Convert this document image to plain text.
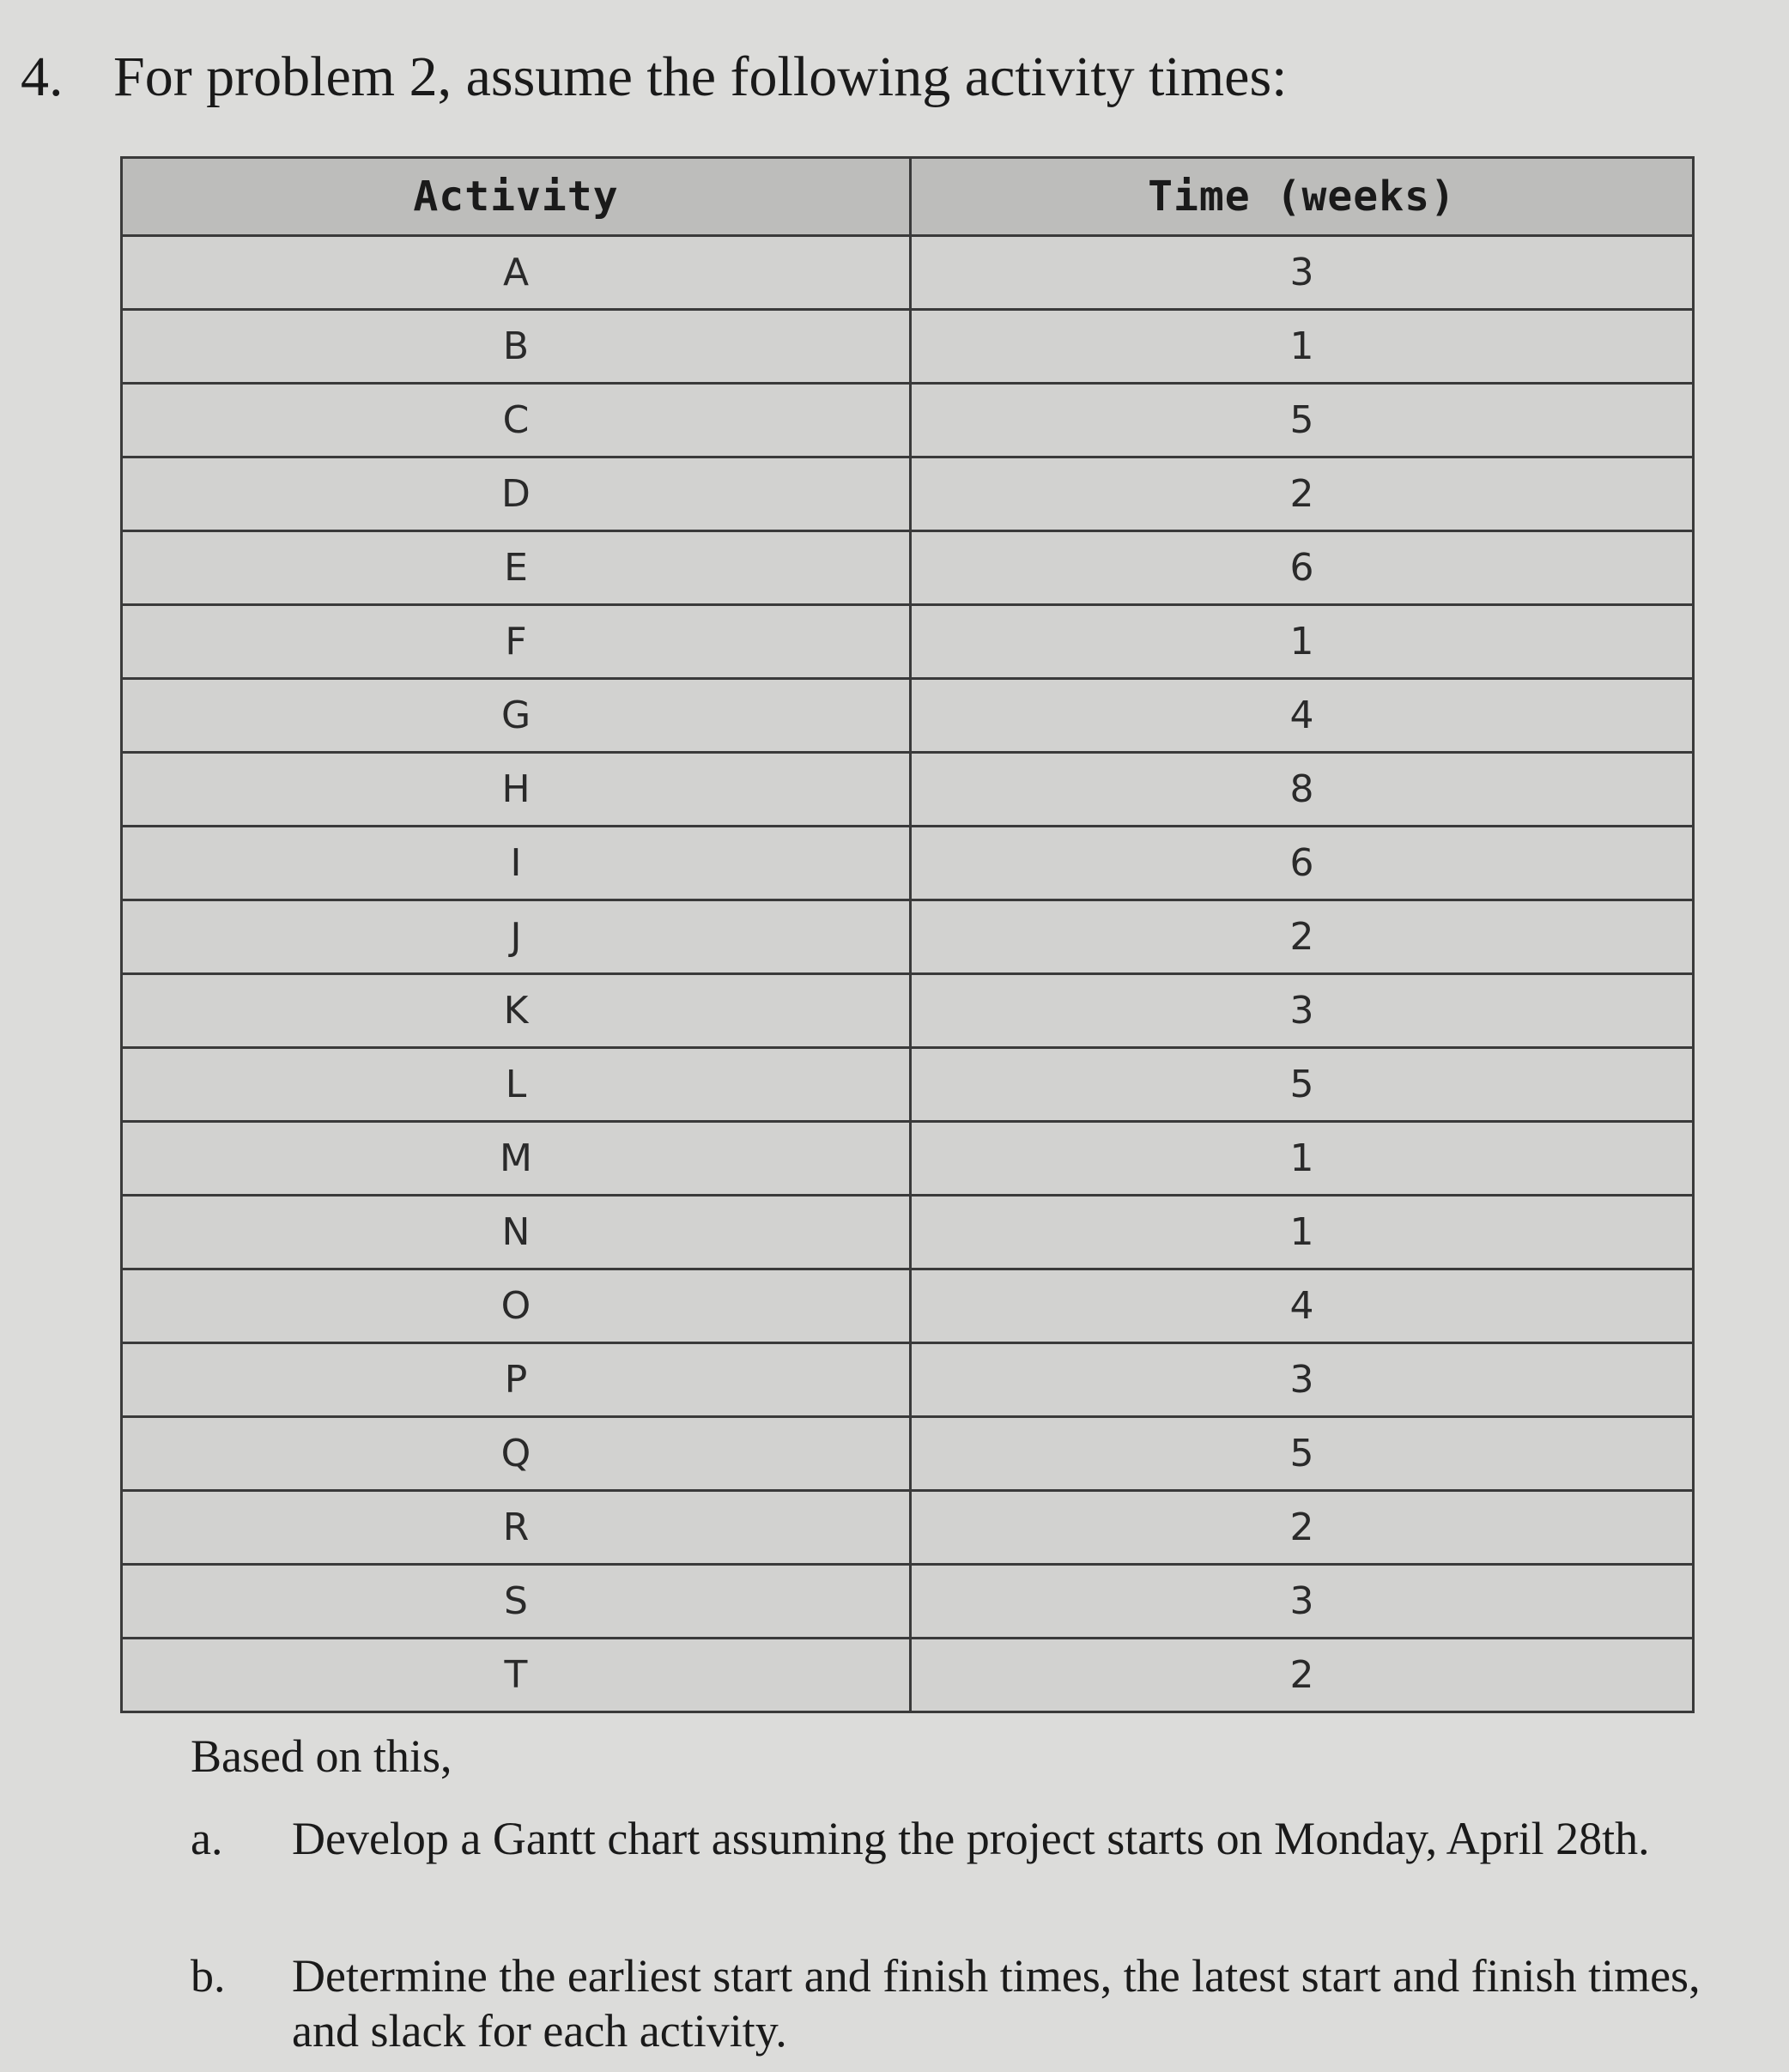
4. For problem 2, assume the following activity times:
Activity	Time (weeks)
A	3
B	1
C	5
D	2
E	6
F	1
G	4
H	8
I	6
J	2
K	3
L	5
M	1
N	1
O	4
P	3
Q	5
R	2
S	3
T	2
Based on this,
a. Develop a Gantt chart assuming the project starts on Monday, April 28th.
b. Determine the earliest start and finish times, the latest start and finish times, and slack for each activity.
